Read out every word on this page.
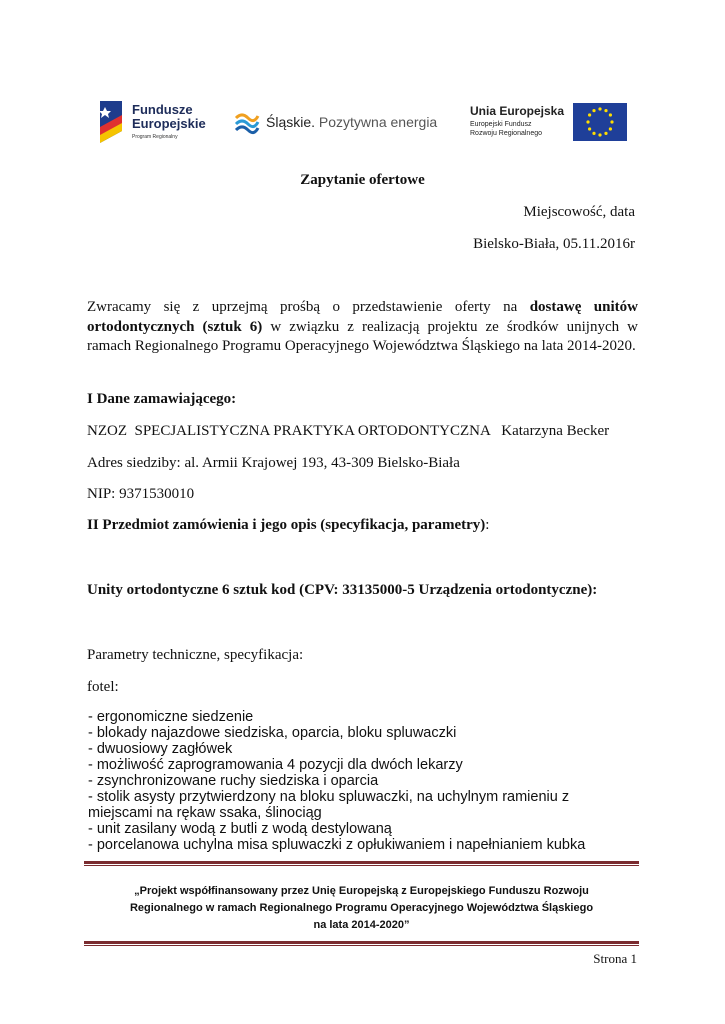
Fundusze
Europejskie
Program Regionalny
Śląskie. Pozytywna energia
Unia Europejska
Europejski Fundusz
Rozwoju Regionalnego
Zapytanie ofertowe
Miejscowość, data
Bielsko-Biała, 05.11.2016r
Zwracamy się z uprzejmą prośbą o przedstawienie oferty na dostawę unitów ortodontycznych (sztuk 6) w związku z realizacją projektu ze środków unijnych w ramach Regionalnego Programu Operacyjnego Województwa Śląskiego na lata 2014-2020.
I Dane zamawiającego:
NZOZ  SPECJALISTYCZNA PRAKTYKA ORTODONTYCZNA   Katarzyna Becker
Adres siedziby: al. Armii Krajowej 193, 43-309 Bielsko-Biała
NIP: 9371530010
II Przedmiot zamówienia i jego opis (specyfikacja, parametry):
Unity ortodontyczne 6 sztuk kod (CPV: 33135000-5 Urządzenia ortodontyczne):
Parametry techniczne, specyfikacja:
fotel:
- ergonomiczne siedzenie
- blokady najazdowe siedziska, oparcia, bloku spluwaczki
- dwuosiowy zagłówek
- możliwość zaprogramowania 4 pozycji dla dwóch lekarzy
- zsynchronizowane ruchy siedziska i oparcia
- stolik asysty przytwierdzony na bloku spluwaczki, na uchylnym ramieniu z
miejscami na rękaw ssaka, ślinociąg
- unit zasilany wodą z butli z wodą destylowaną
- porcelanowa uchylna misa spluwaczki z opłukiwaniem i napełnianiem kubka
„Projekt współfinansowany przez Unię Europejską z Europejskiego Funduszu Rozwoju
Regionalnego w ramach Regionalnego Programu Operacyjnego Województwa Śląskiego
na lata 2014-2020”
Strona 1
